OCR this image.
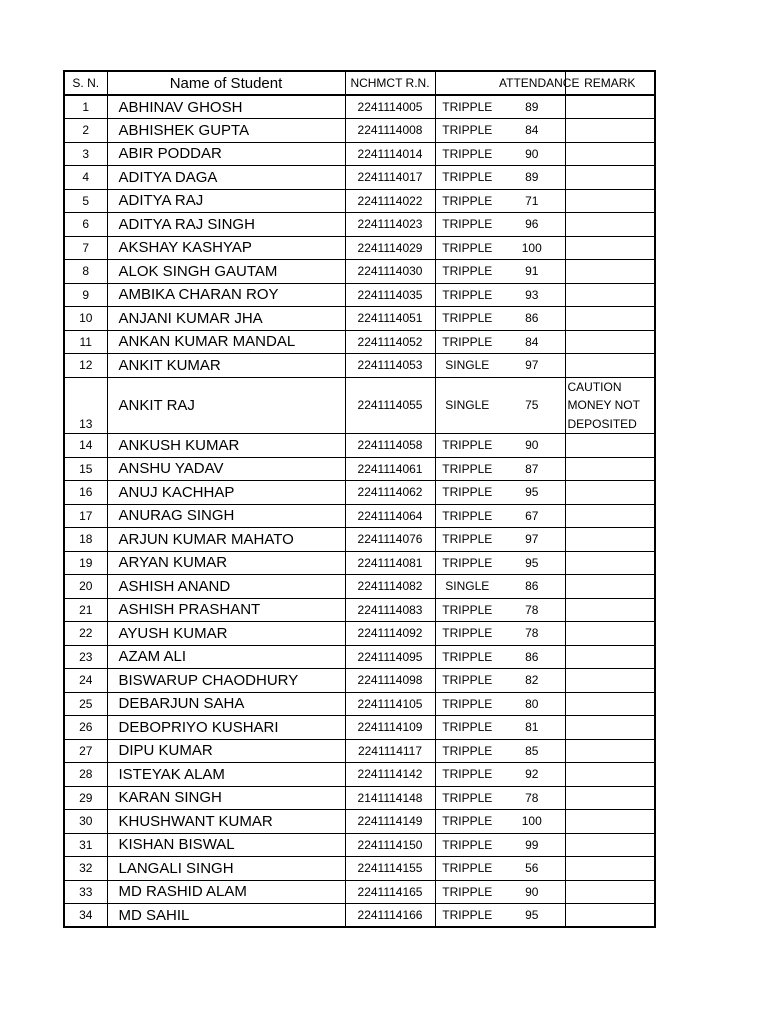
S. N.	Name of Student	NCHMCT R.N.		ATTENDANCE	REMARK
1	ABHINAV GHOSH	2241114005	TRIPPLE	89	
2	ABHISHEK GUPTA	2241114008	TRIPPLE	84	
3	ABIR PODDAR	2241114014	TRIPPLE	90	
4	ADITYA DAGA	2241114017	TRIPPLE	89	
5	ADITYA RAJ	2241114022	TRIPPLE	71	
6	ADITYA RAJ SINGH	2241114023	TRIPPLE	96	
7	AKSHAY KASHYAP	2241114029	TRIPPLE	100	
8	ALOK SINGH GAUTAM	2241114030	TRIPPLE	91	
9	AMBIKA CHARAN ROY	2241114035	TRIPPLE	93	
10	ANJANI KUMAR JHA	2241114051	TRIPPLE	86	
11	ANKAN KUMAR MANDAL	2241114052	TRIPPLE	84	
12	ANKIT KUMAR	2241114053	SINGLE	97	
13	ANKIT RAJ	2241114055	SINGLE	75	CAUTION MONEY NOT DEPOSITED
14	ANKUSH KUMAR	2241114058	TRIPPLE	90	
15	ANSHU YADAV	2241114061	TRIPPLE	87	
16	ANUJ KACHHAP	2241114062	TRIPPLE	95	
17	ANURAG SINGH	2241114064	TRIPPLE	67	
18	ARJUN KUMAR MAHATO	2241114076	TRIPPLE	97	
19	ARYAN KUMAR	2241114081	TRIPPLE	95	
20	ASHISH ANAND	2241114082	SINGLE	86	
21	ASHISH PRASHANT	2241114083	TRIPPLE	78	
22	AYUSH KUMAR	2241114092	TRIPPLE	78	
23	AZAM ALI	2241114095	TRIPPLE	86	
24	BISWARUP CHAODHURY	2241114098	TRIPPLE	82	
25	DEBARJUN SAHA	2241114105	TRIPPLE	80	
26	DEBOPRIYO KUSHARI	2241114109	TRIPPLE	81	
27	DIPU KUMAR	2241114117	TRIPPLE	85	
28	ISTEYAK ALAM	2241114142	TRIPPLE	92	
29	KARAN SINGH	2141114148	TRIPPLE	78	
30	KHUSHWANT KUMAR	2241114149	TRIPPLE	100	
31	KISHAN BISWAL	2241114150	TRIPPLE	99	
32	LANGALI SINGH	2241114155	TRIPPLE	56	
33	MD RASHID ALAM	2241114165	TRIPPLE	90	
34	MD SAHIL	2241114166	TRIPPLE	95	
